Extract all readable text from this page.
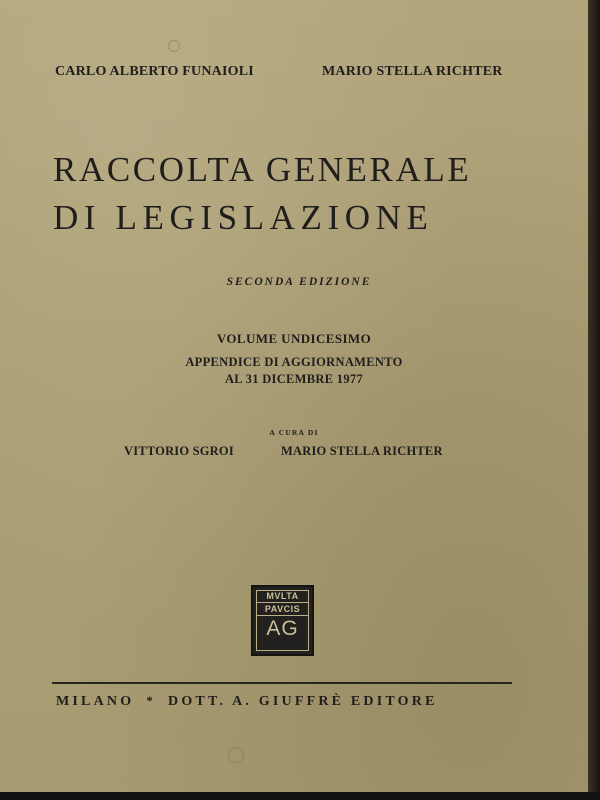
CARLO ALBERTO FUNAIOLI	MARIO STELLA RICHTER
RACCOLTA GENERALE
DI LEGISLAZIONE
SECONDA EDIZIONE
VOLUME UNDICESIMO
APPENDICE DI AGGIORNAMENTO
AL 31 DICEMBRE 1977
A CURA DI
VITTORIO SGROI	MARIO STELLA RICHTER
MVLTA
PAVCIS
AG
MILANO * DOTT. A. GIUFFRÈ EDITORE
